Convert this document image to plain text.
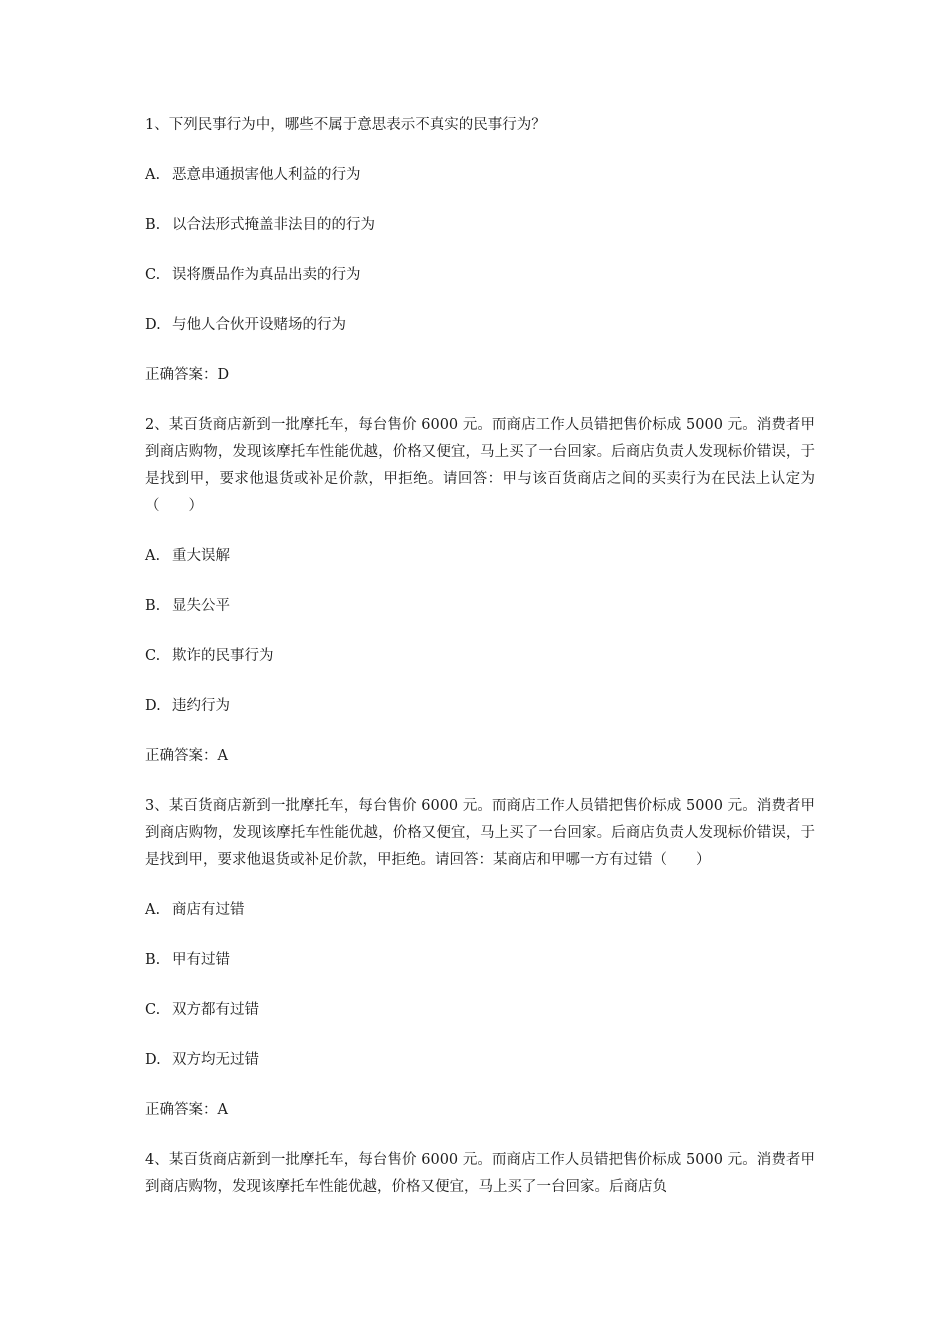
1、下列民事行为中，哪些不属于意思表示不真实的民事行为？

A. 恶意串通损害他人利益的行为

B. 以合法形式掩盖非法目的的行为

C. 误将赝品作为真品出卖的行为

D. 与他人合伙开设赌场的行为

正确答案：D

2、某百货商店新到一批摩托车，每台售价 6000 元。而商店工作人员错把售价标成 5000 元。消费者甲到商店购物，发现该摩托车性能优越，价格又便宜，马上买了一台回家。后商店负责人发现标价错误，于是找到甲，要求他退货或补足价款，甲拒绝。请回答：甲与该百货商店之间的买卖行为在民法上认定为（　　）

A. 重大误解

B. 显失公平

C. 欺诈的民事行为

D. 违约行为

正确答案：A

3、某百货商店新到一批摩托车，每台售价 6000 元。而商店工作人员错把售价标成 5000 元。消费者甲到商店购物，发现该摩托车性能优越，价格又便宜，马上买了一台回家。后商店负责人发现标价错误，于是找到甲，要求他退货或补足价款，甲拒绝。请回答：某商店和甲哪一方有过错（　　）

A. 商店有过错

B. 甲有过错

C. 双方都有过错

D. 双方均无过错

正确答案：A

4、某百货商店新到一批摩托车，每台售价 6000 元。而商店工作人员错把售价标成 5000 元。消费者甲到商店购物，发现该摩托车性能优越，价格又便宜，马上买了一台回家。后商店负
